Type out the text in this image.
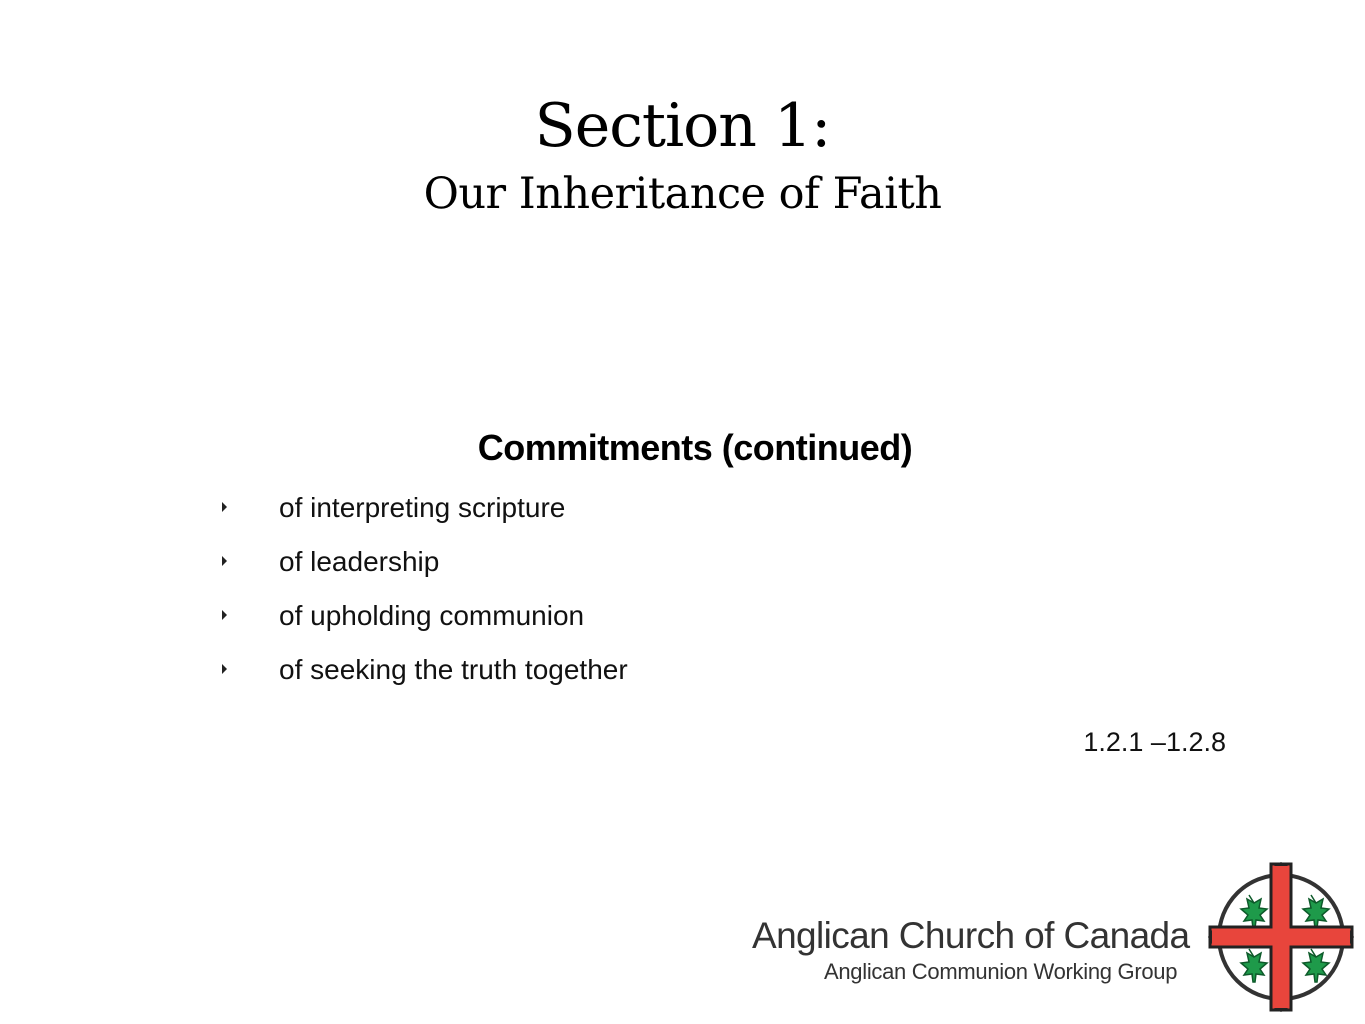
Section 1:
Our Inheritance of Faith
Commitments (continued)
of interpreting scripture
of leadership
of upholding communion
of seeking the truth together
1.2.1 –1.2.8
Anglican Church of Canada
Anglican Communion Working Group
